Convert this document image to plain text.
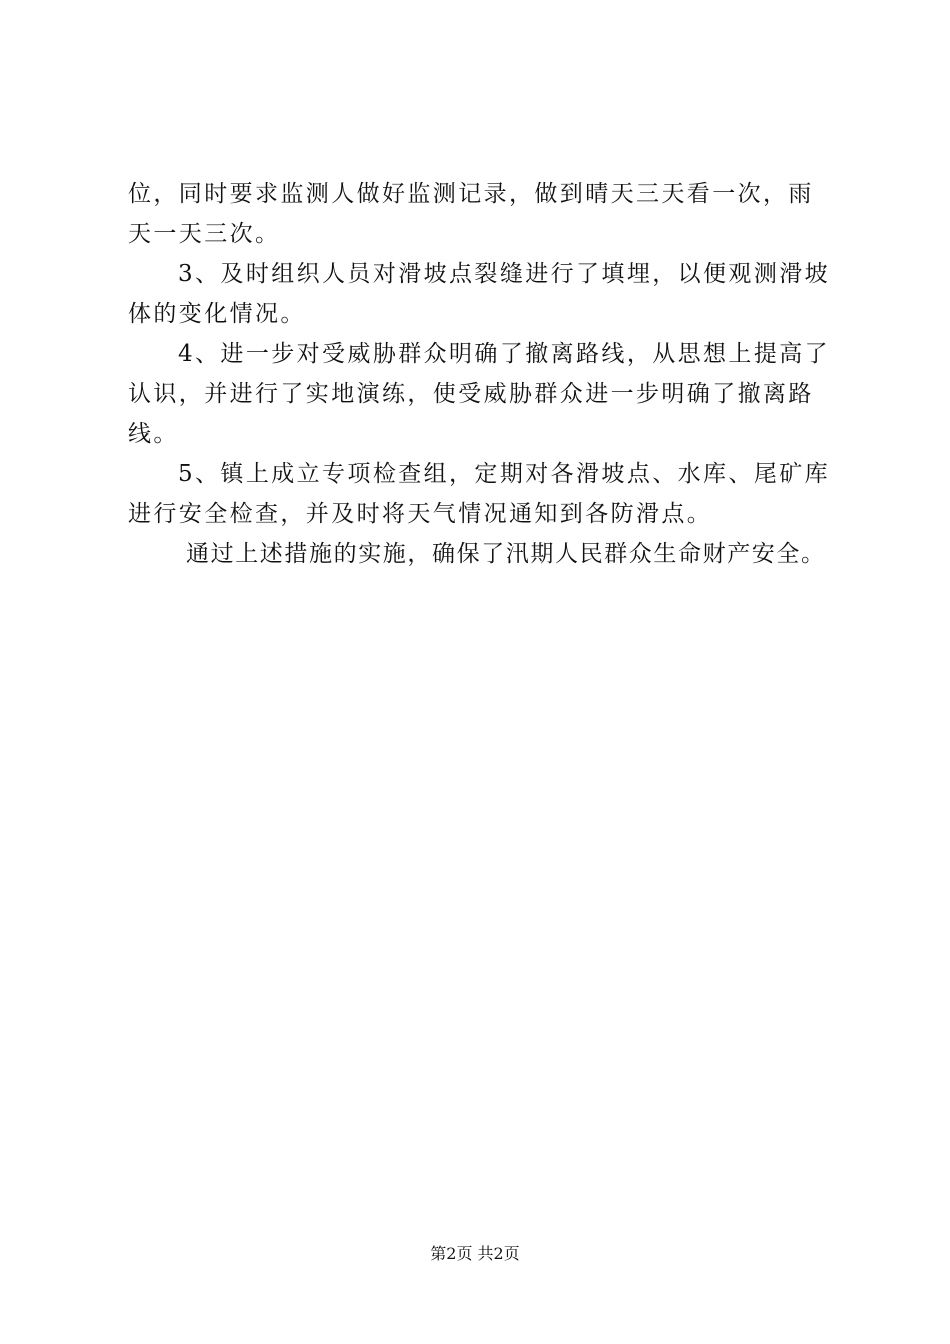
位，同时要求监测人做好监测记录，做到晴天三天看一次，雨
天一天三次。
3、及时组织人员对滑坡点裂缝进行了填埋，以便观测滑坡
体的变化情况。
4、进一步对受威胁群众明确了撤离路线，从思想上提高了
认识，并进行了实地演练，使受威胁群众进一步明确了撤离路
线。
5、镇上成立专项检查组，定期对各滑坡点、水库、尾矿库
进行安全检查，并及时将天气情况通知到各防滑点。
通过上述措施的实施，确保了汛期人民群众生命财产安全。
第2页 共2页
